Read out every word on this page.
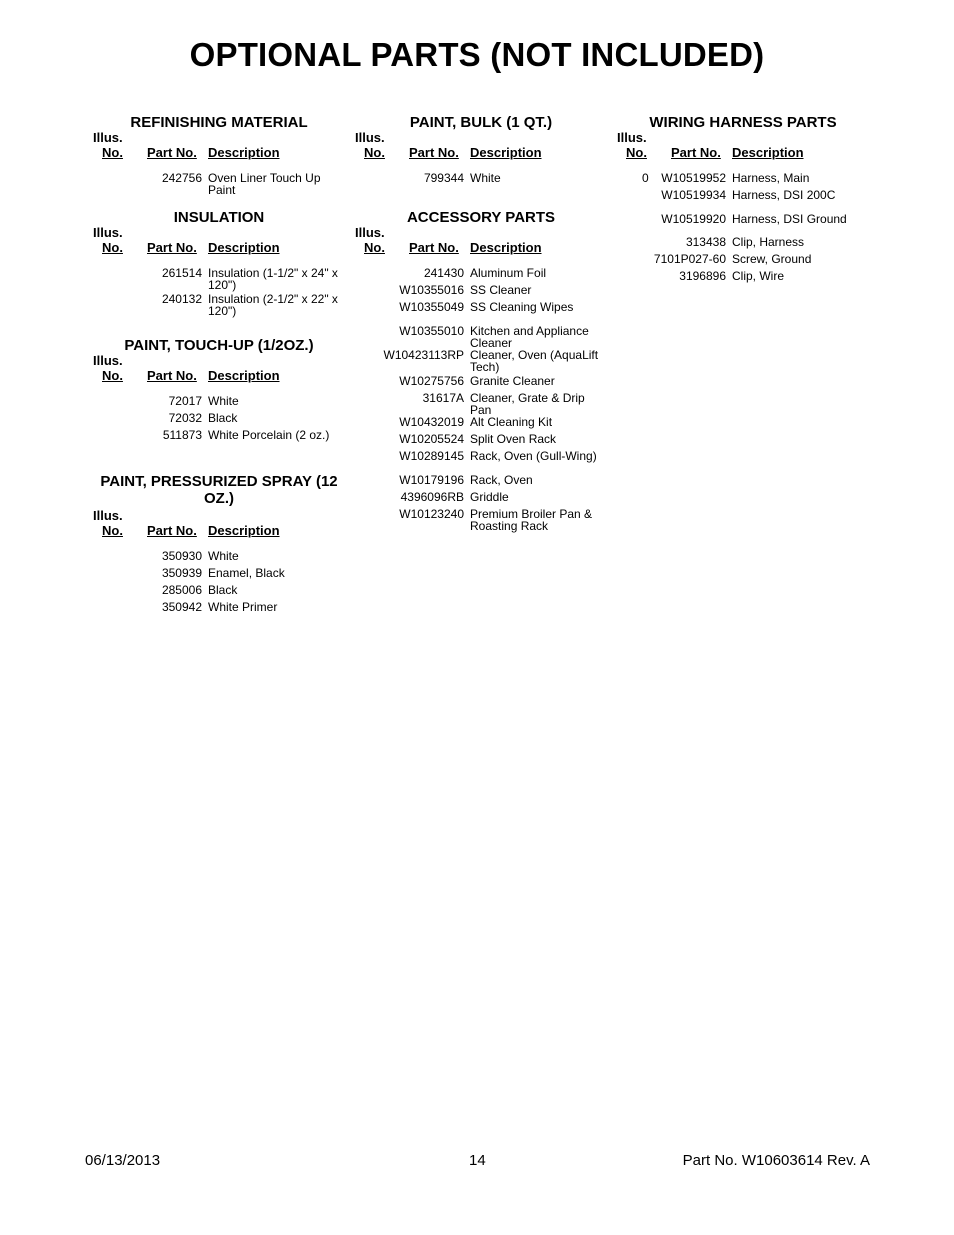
OPTIONAL PARTS (NOT INCLUDED)
REFINISHING MATERIAL
Illus.
No. Part No. Description
242756 Oven Liner Touch Up Paint
INSULATION
Illus.
No. Part No. Description
261514 Insulation (1-1/2" x 24" x 120")
240132 Insulation (2-1/2" x 22" x 120")
PAINT, TOUCH-UP (1/2OZ.)
Illus.
No. Part No. Description
72017 White
72032 Black
511873 White Porcelain (2 oz.)
PAINT, PRESSURIZED SPRAY (12 OZ.)
Illus.
No. Part No. Description
350930 White
350939 Enamel, Black
285006 Black
350942 White Primer
PAINT, BULK (1 QT.)
Illus.
No. Part No. Description
799344 White
ACCESSORY PARTS
Illus.
No. Part No. Description
241430 Aluminum Foil
W10355016 SS Cleaner
W10355049 SS Cleaning Wipes
W10355010 Kitchen and Appliance Cleaner
W10423113RP Cleaner, Oven (AquaLift Tech)
W10275756 Granite Cleaner
31617A Cleaner, Grate & Drip Pan
W10432019 Alt Cleaning Kit
W10205524 Split Oven Rack
W10289145 Rack, Oven (Gull-Wing)
W10179196 Rack, Oven
4396096RB Griddle
W10123240 Premium Broiler Pan & Roasting Rack
WIRING HARNESS PARTS
Illus.
No. Part No. Description
0 W10519952 Harness, Main
W10519934 Harness, DSI 200C
W10519920 Harness, DSI Ground
313438 Clip, Harness
7101P027-60 Screw, Ground
3196896 Clip, Wire
06/13/2013	14	Part No. W10603614 Rev. A
